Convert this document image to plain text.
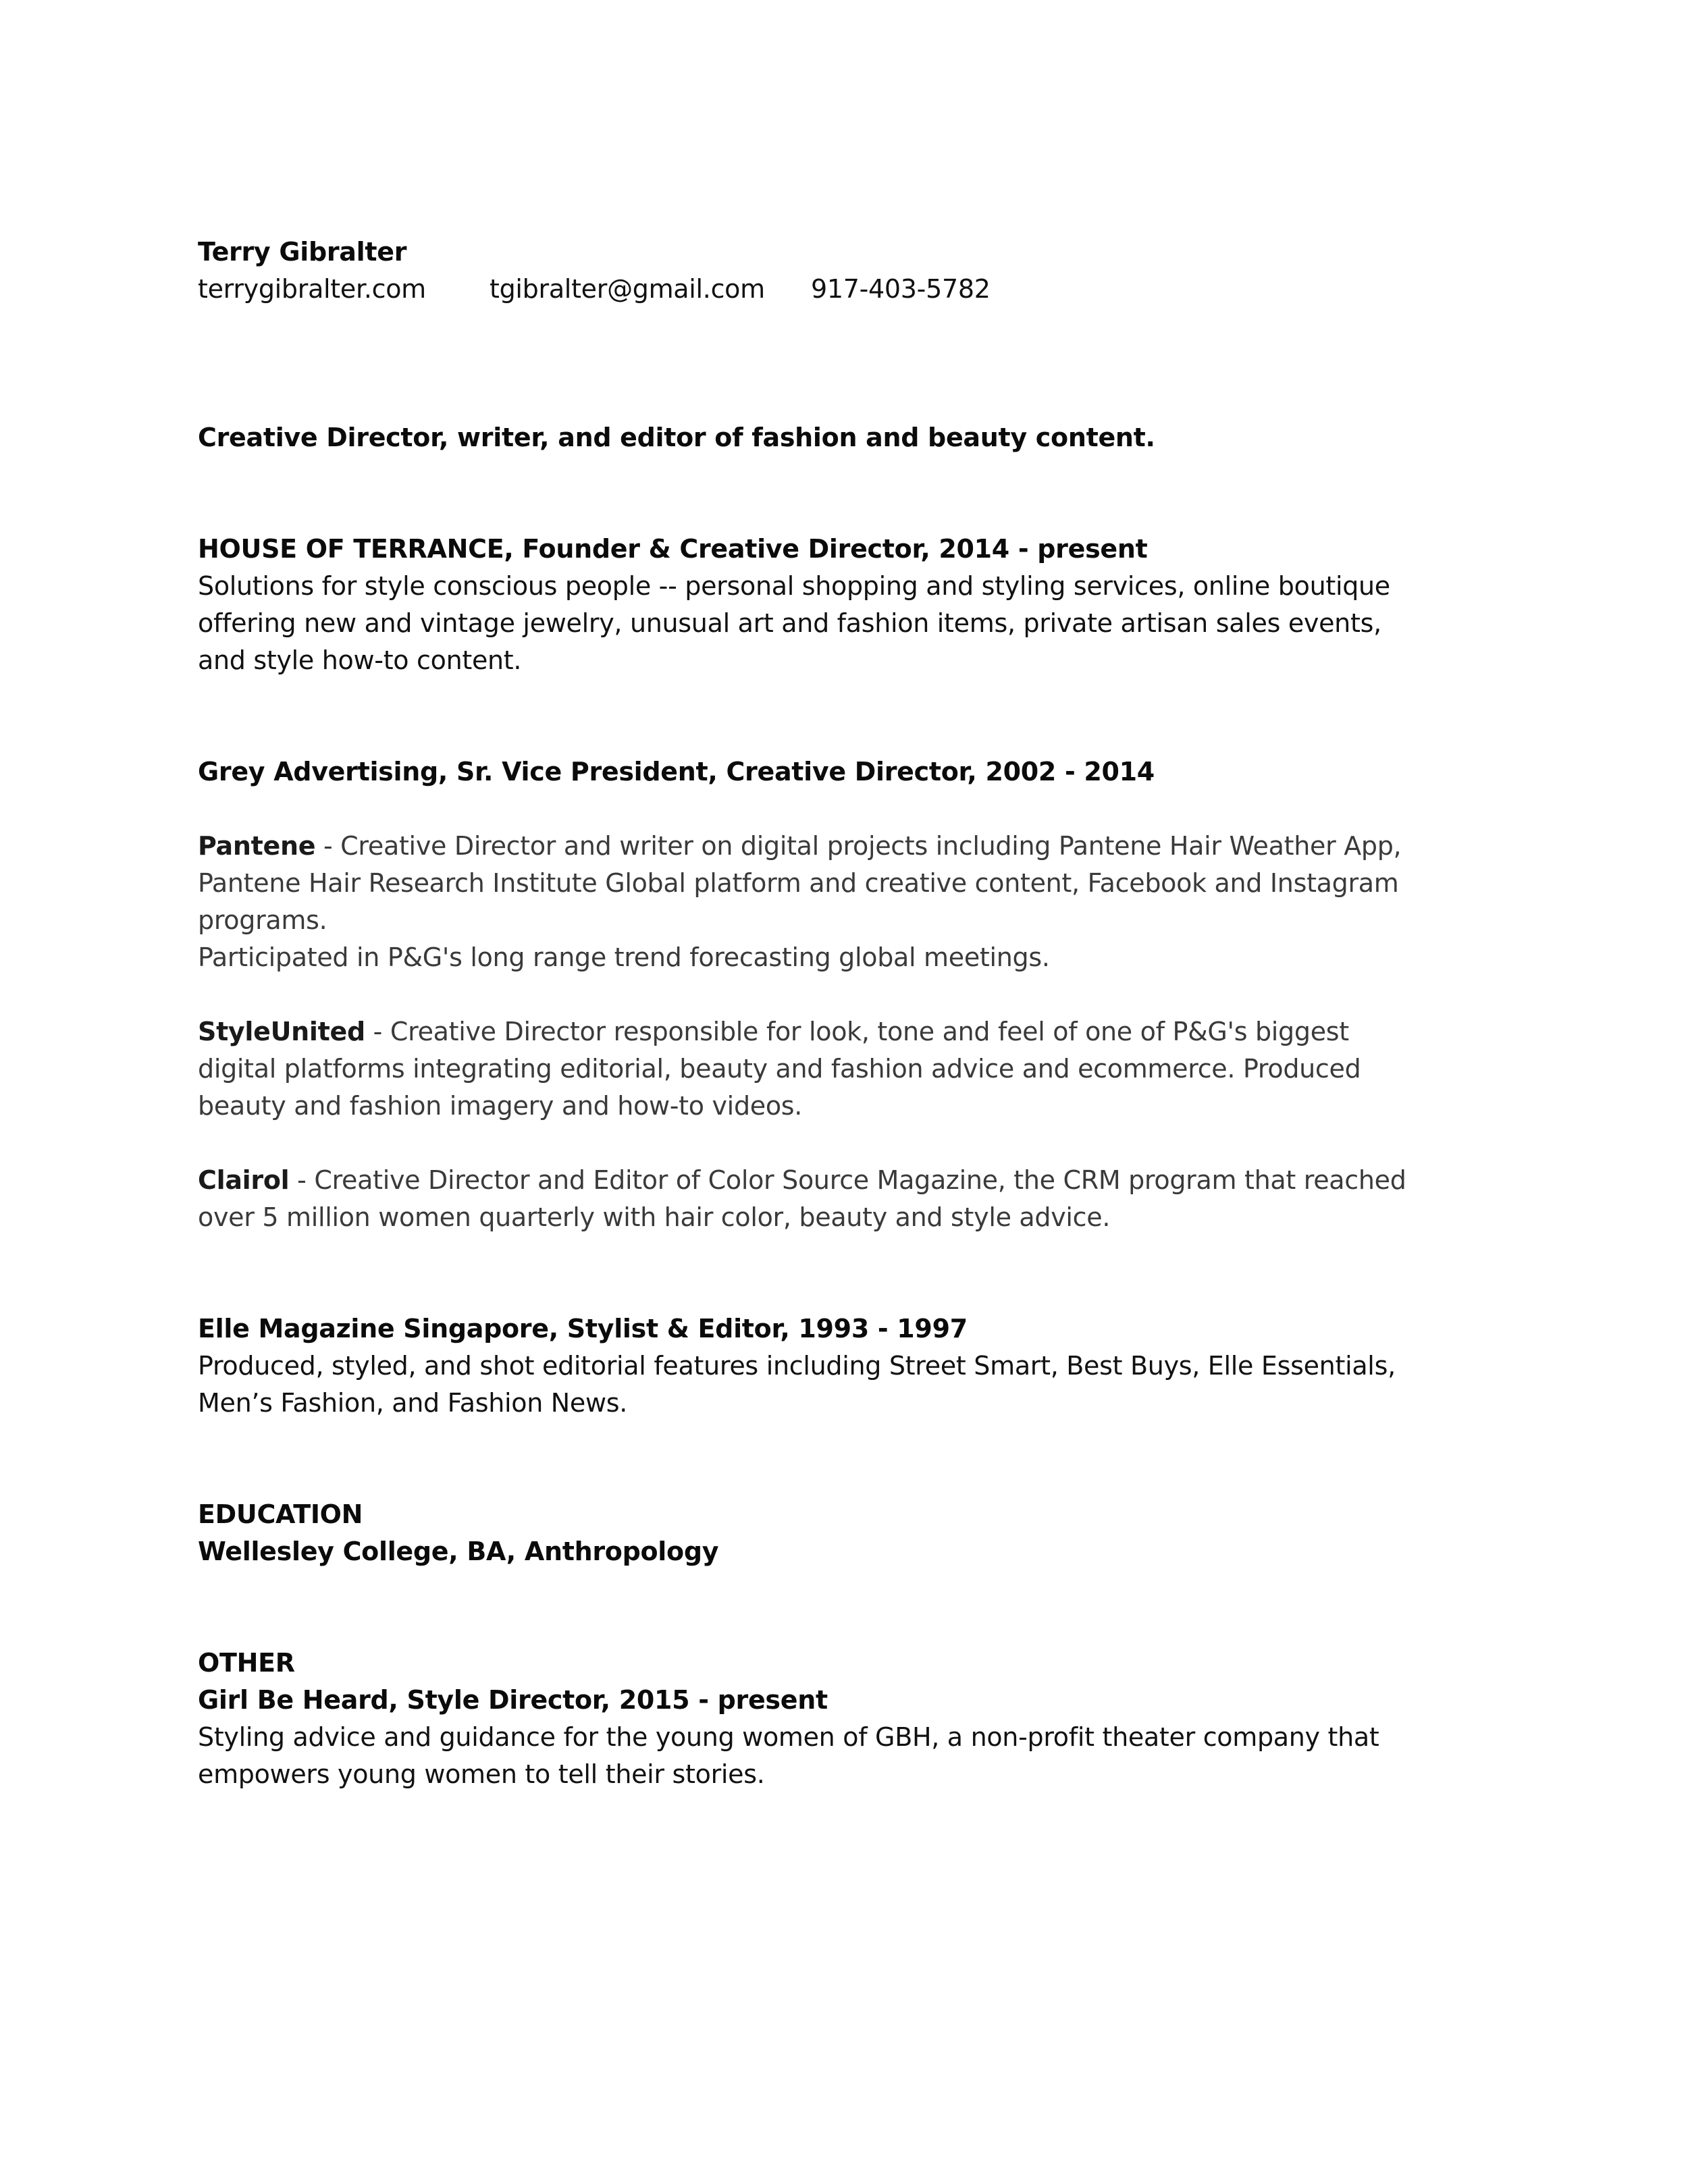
Terry Gibralter

terrygibralter.com	tgibralter@gmail.com	917-403-5782

Creative Director, writer, and editor of fashion and beauty content.

HOUSE OF TERRANCE, Founder & Creative Director, 2014 - present

Solutions for style conscious people -- personal shopping and styling services, online boutique offering new and vintage jewelry, unusual art and fashion items, private artisan sales events, and style how-to content.

Grey Advertising, Sr. Vice President, Creative Director, 2002 - 2014

Pantene - Creative Director and writer on digital projects including Pantene Hair Weather App, Pantene Hair Research Institute Global platform and creative content, Facebook and Instagram programs.

Participated in P&G's long range trend forecasting global meetings.

StyleUnited - Creative Director responsible for look, tone and feel of one of P&G's biggest digital platforms integrating editorial, beauty and fashion advice and ecommerce. Produced beauty and fashion imagery and how-to videos.

Clairol - Creative Director and Editor of Color Source Magazine, the CRM program that reached over 5 million women quarterly with hair color, beauty and style advice.

Elle Magazine Singapore, Stylist & Editor, 1993 - 1997

Produced, styled, and shot editorial features including Street Smart, Best Buys, Elle Essentials, Men’s Fashion, and Fashion News.

EDUCATION

Wellesley College, BA, Anthropology

OTHER

Girl Be Heard, Style Director, 2015 - present

Styling advice and guidance for the young women of GBH, a non-profit theater company that empowers young women to tell their stories.
